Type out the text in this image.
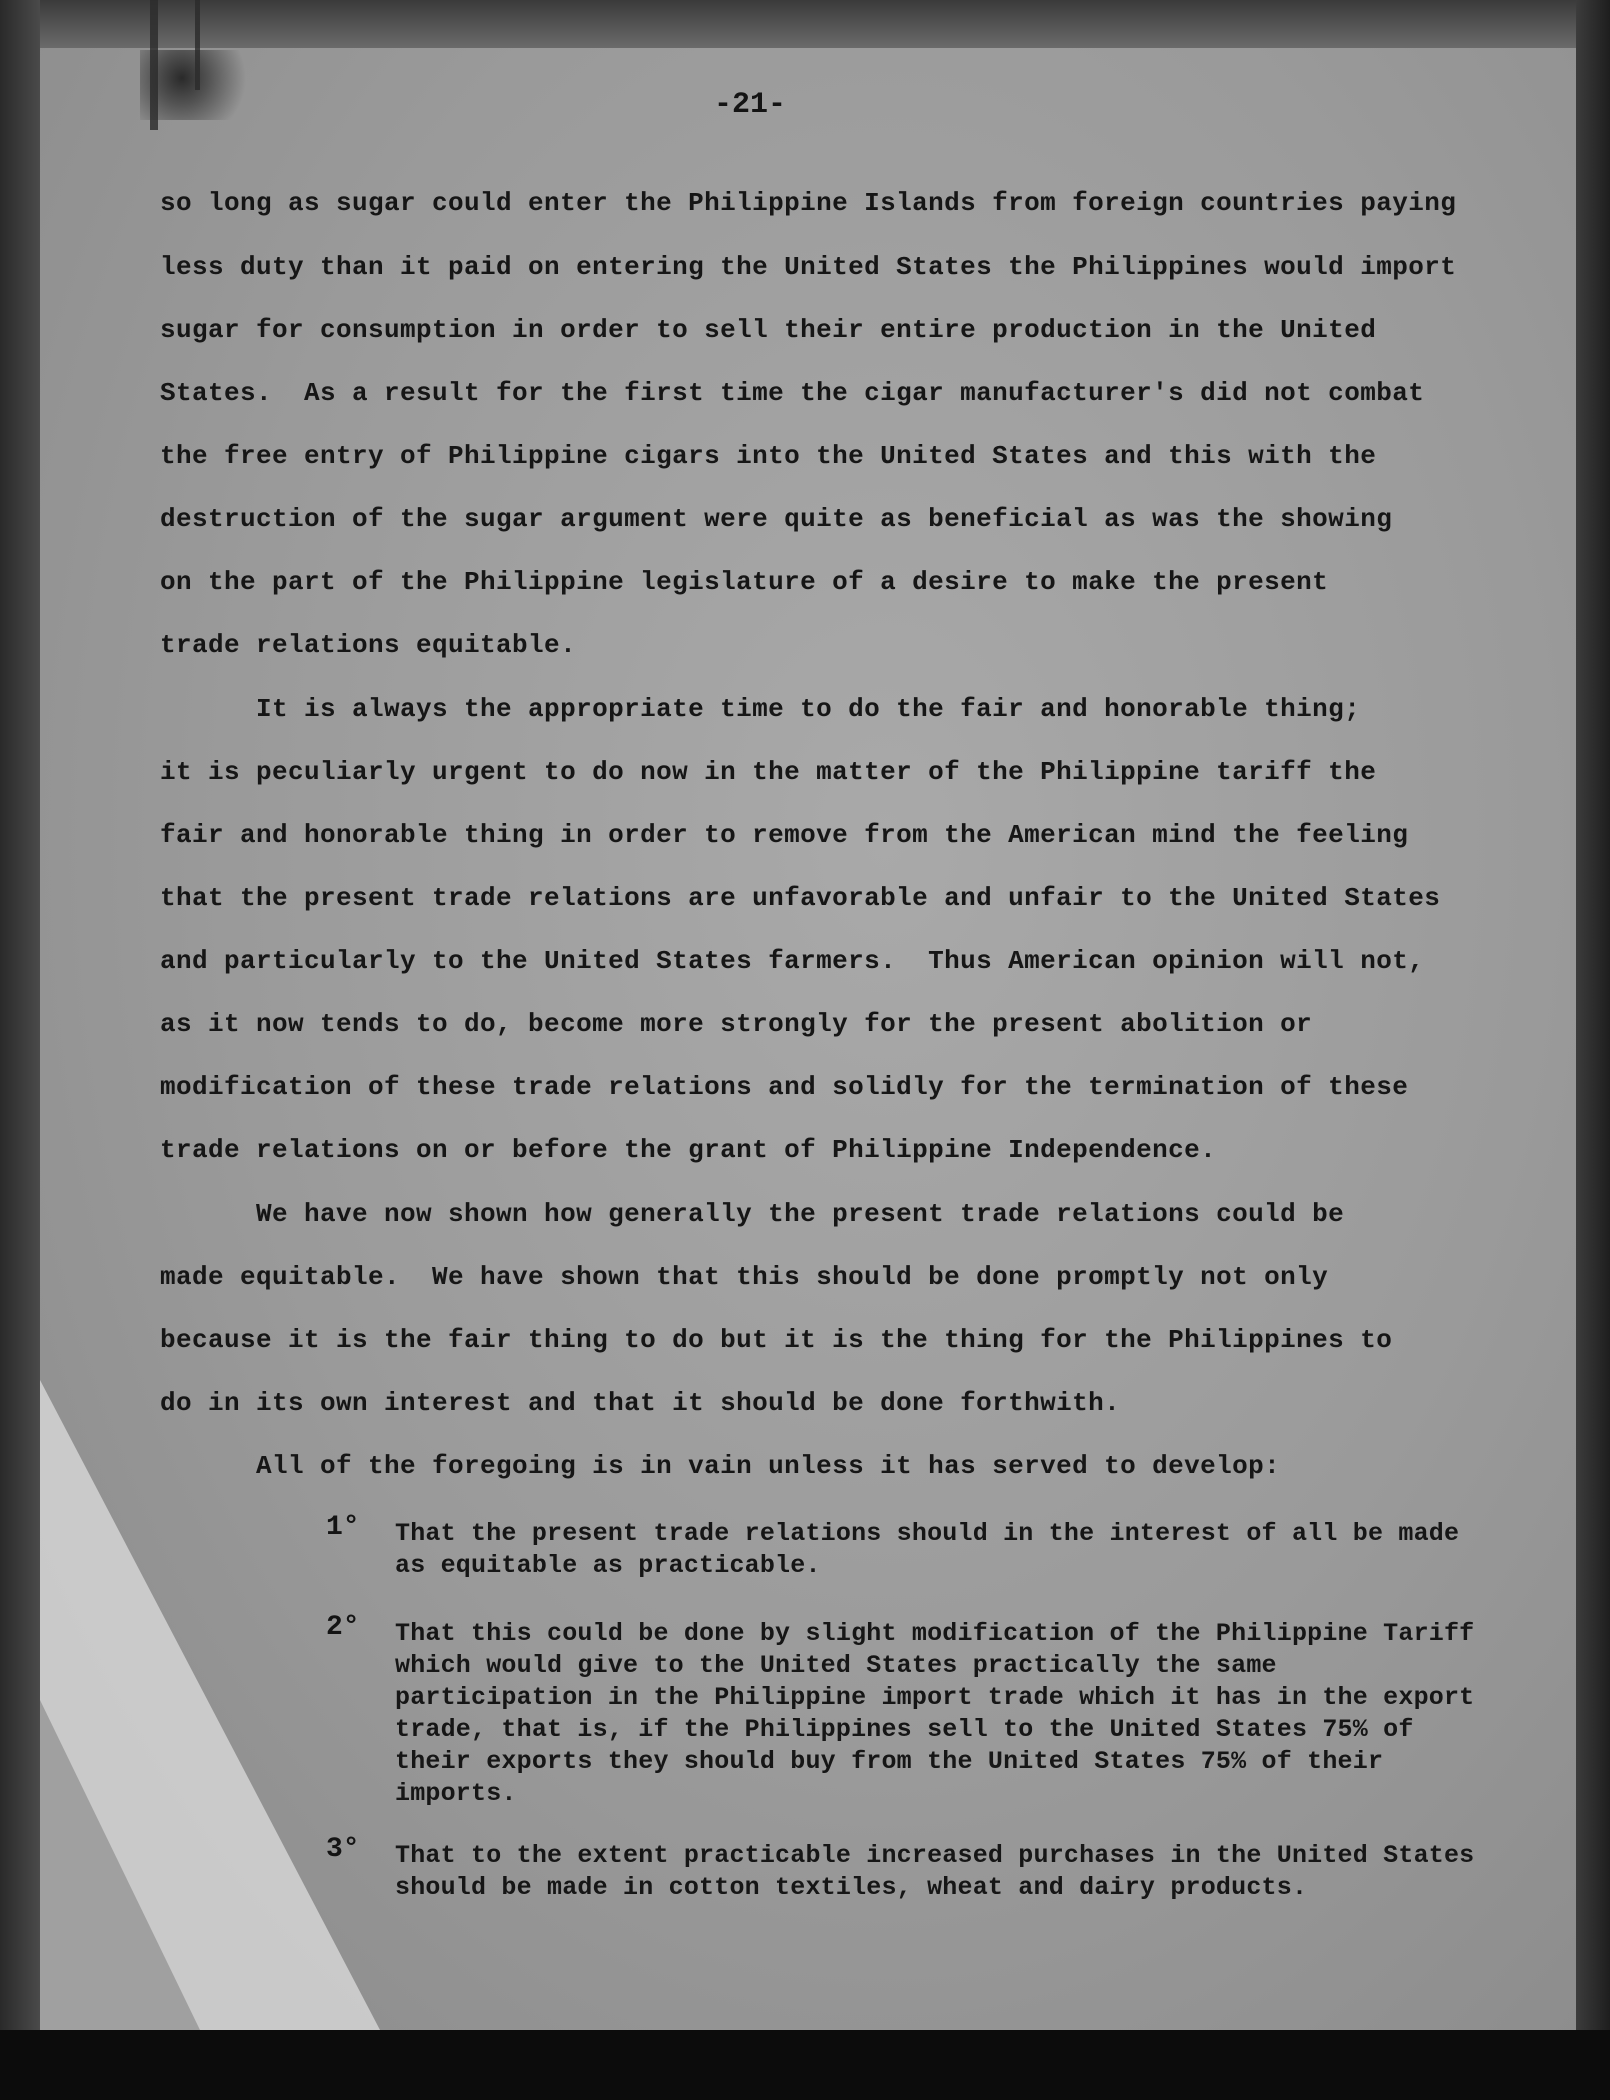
-21-
so long as sugar could enter the Philippine Islands from foreign countries paying
less duty than it paid on entering the United States the Philippines would import
sugar for consumption in order to sell their entire production in the United
States.  As a result for the first time the cigar manufacturer's did not combat
the free entry of Philippine cigars into the United States and this with the
destruction of the sugar argument were quite as beneficial as was the showing
on the part of the Philippine legislature of a desire to make the present
trade relations equitable.
It is always the appropriate time to do the fair and honorable thing;
it is peculiarly urgent to do now in the matter of the Philippine tariff the
fair and honorable thing in order to remove from the American mind the feeling
that the present trade relations are unfavorable and unfair to the United States
and particularly to the United States farmers.  Thus American opinion will not,
as it now tends to do, become more strongly for the present abolition or
modification of these trade relations and solidly for the termination of these
trade relations on or before the grant of Philippine Independence.
We have now shown how generally the present trade relations could be
made equitable.  We have shown that this should be done promptly not only
because it is the fair thing to do but it is the thing for the Philippines to
do in its own interest and that it should be done forthwith.
All of the foregoing is in vain unless it has served to develop:
1° That the present trade relations should in the interest of all be made as equitable as practicable.
2° That this could be done by slight modification of the Philippine Tariff which would give to the United States practically the same participation in the Philippine import trade which it has in the export trade, that is, if the Philippines sell to the United States 75% of their exports they should buy from the United States 75% of their imports.
3° That to the extent practicable increased purchases in the United States should be made in cotton textiles, wheat and dairy products.
